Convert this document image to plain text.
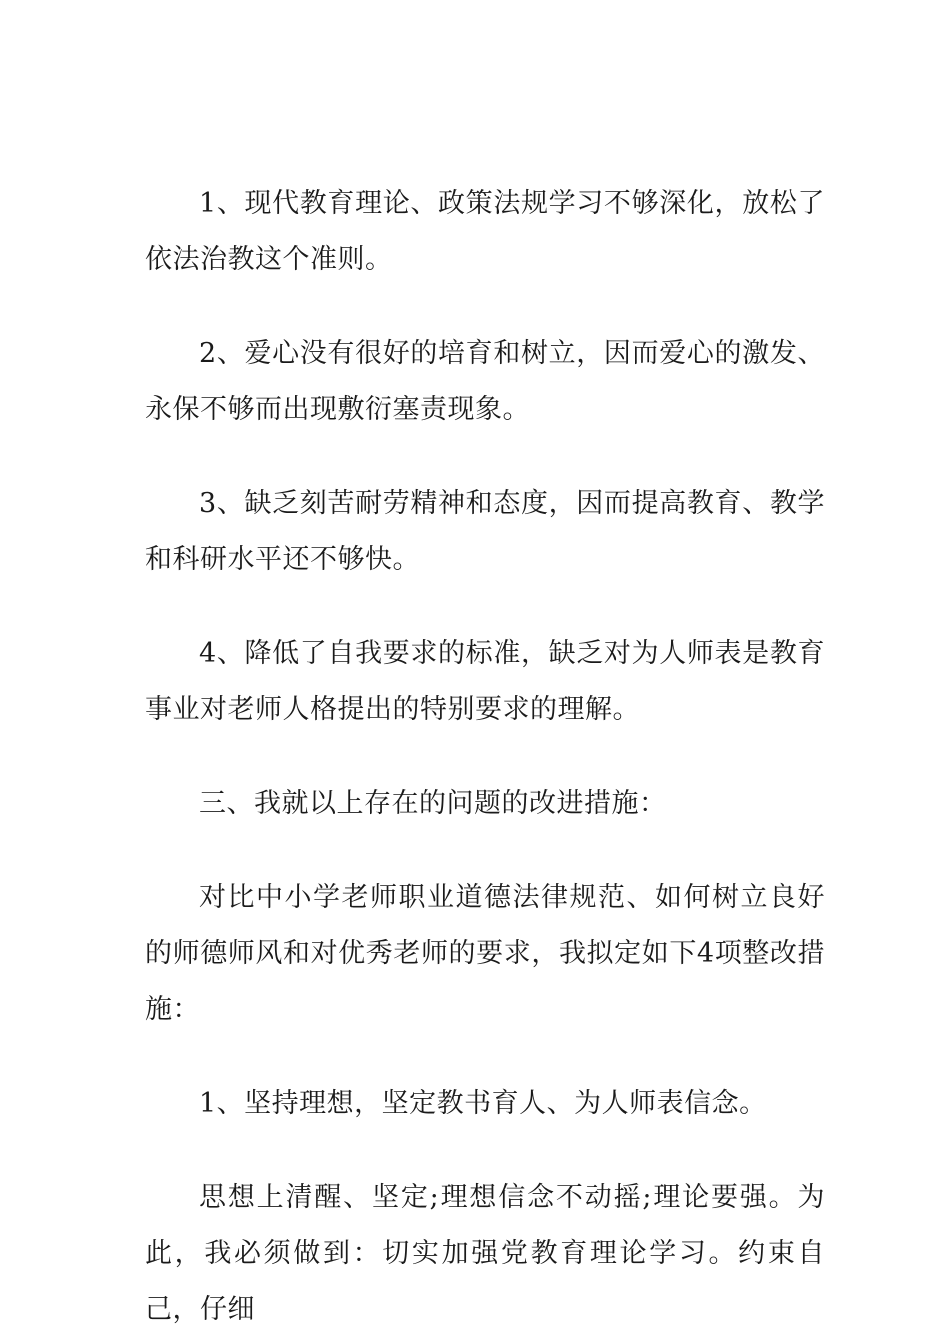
1、现代教育理论、政策法规学习不够深化，放松了依法治教这个准则。

2、爱心没有很好的培育和树立，因而爱心的激发、永保不够而出现敷衍塞责现象。

3、缺乏刻苦耐劳精神和态度，因而提高教育、教学和科研水平还不够快。

4、降低了自我要求的标准，缺乏对为人师表是教育事业对老师人格提出的特别要求的理解。

三、我就以上存在的问题的改进措施：

对比中小学老师职业道德法律规范、如何树立良好的师德师风和对优秀老师的要求，我拟定如下4项整改措施：

1、坚持理想，坚定教书育人、为人师表信念。

思想上清醒、坚定;理想信念不动摇;理论要强。为此，我必须做到：切实加强党教育理论学习。约束自己，仔细
